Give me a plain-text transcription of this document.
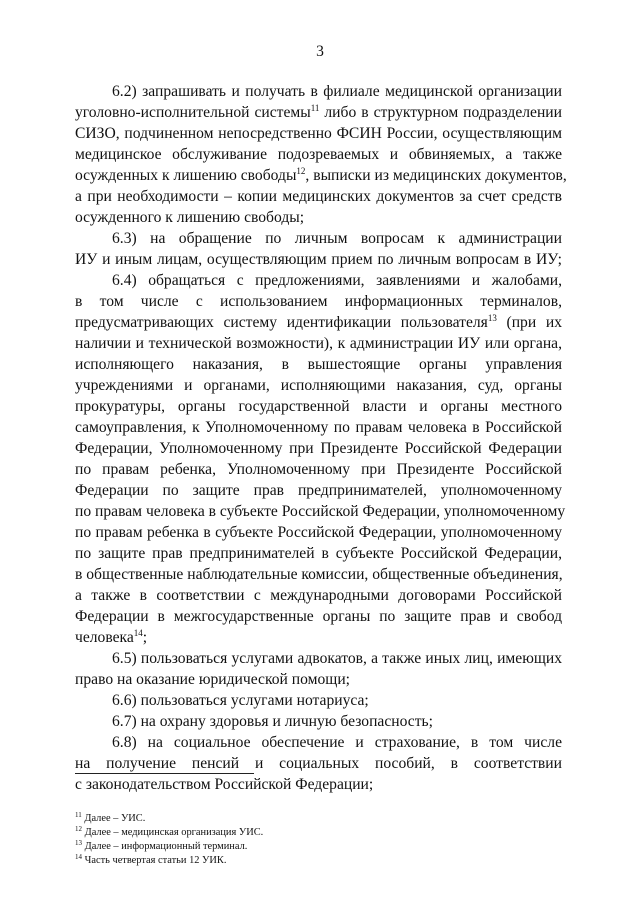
3
6.2) запрашивать и получать в филиале медицинской организации
уголовно-исполнительной системы$^{11}$ либо в структурном подразделении
СИЗО, подчиненном непосредственно ФСИН России, осуществляющим
медицинское обслуживание подозреваемых и обвиняемых, а также
осужденных к лишению свободы$^{12}$, выписки из медицинских документов,
а при необходимости – копии медицинских документов за счет средств
осужденного к лишению свободы;
6.3) на обращение по личным вопросам к администрации
ИУ и иным лицам, осуществляющим прием по личным вопросам в ИУ;
6.4) обращаться с предложениями, заявлениями и жалобами,
в том числе с использованием информационных терминалов,
предусматривающих систему идентификации пользователя$^{13}$ (при их
наличии и технической возможности), к администрации ИУ или органа,
исполняющего наказания, в вышестоящие органы управления
учреждениями и органами, исполняющими наказания, суд, органы
прокуратуры, органы государственной власти и органы местного
самоуправления, к Уполномоченному по правам человека в Российской
Федерации, Уполномоченному при Президенте Российской Федерации
по правам ребенка, Уполномоченному при Президенте Российской
Федерации по защите прав предпринимателей, уполномоченному
по правам человека в субъекте Российской Федерации, уполномоченному
по правам ребенка в субъекте Российской Федерации, уполномоченному
по защите прав предпринимателей в субъекте Российской Федерации,
в общественные наблюдательные комиссии, общественные объединения,
а также в соответствии с международными договорами Российской
Федерации в межгосударственные органы по защите прав и свобод
человека$^{14}$;
6.5) пользоваться услугами адвокатов, а также иных лиц, имеющих
право на оказание юридической помощи;
6.6) пользоваться услугами нотариуса;
6.7) на охрану здоровья и личную безопасность;
6.8) на социальное обеспечение и страхование, в том числе
на получение пенсий и социальных пособий, в соответствии
с законодательством Российской Федерации;
$^{11}$ Далее – УИС.
$^{12}$ Далее – медицинская организация УИС.
$^{13}$ Далее – информационный терминал.
$^{14}$ Часть четвертая статьи 12 УИК.
